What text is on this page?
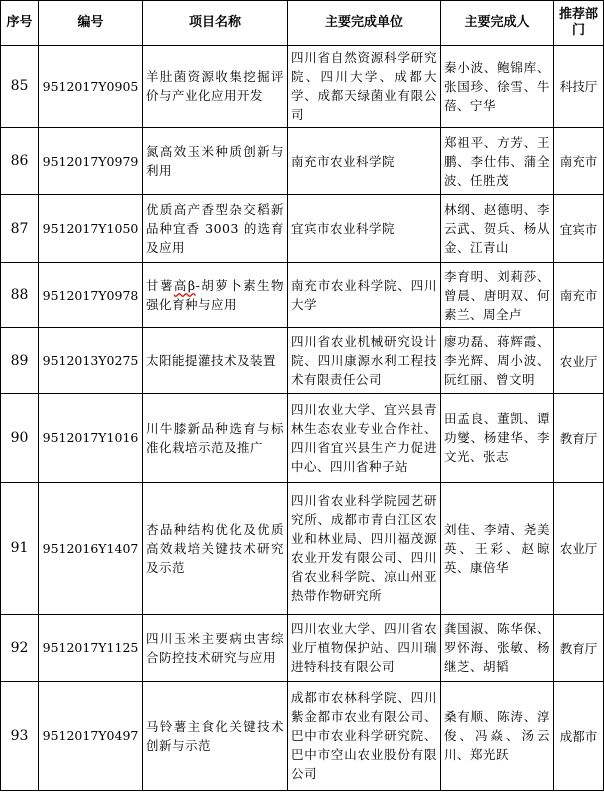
序号	编号	项目名称	主要完成单位	主要完成人	推荐部门
85	9512017Y0905	羊肚菌资源收集挖掘评价与产业化应用开发	四川省自然资源科学研究院、四川大学、成都大学、成都天绿菌业有限公司	秦小波、鲍锦库、张国珍、徐雪、牛蓓、宁华	科技厅
86	9512017Y0979	氮高效玉米种质创新与利用	南充市农业科学院	郑祖平、方芳、王鹏、李仕伟、蒲全波、任胜茂	南充市
87	9512017Y1050	优质高产香型杂交稻新品种宜香 3003 的选育及应用	宜宾市农业科学院	林纲、赵德明、李云武、贺兵、杨从金、江青山	宜宾市
88	9512017Y0978	甘薯高β-胡萝卜素生物强化育种与应用	南充市农业科学院、四川大学	李育明、刘莉莎、曾晨、唐明双、何素兰、周全卢	南充市
89	9512013Y0275	太阳能提灌技术及装置	四川省农业机械研究设计院、四川康源水利工程技术有限责任公司	廖功磊、蒋辉霞、李光辉、周小波、阮红丽、曾文明	农业厅
90	9512017Y1016	川牛膝新品种选育与标准化栽培示范及推广	四川农业大学、宜兴县青林生态农业专业合作社、四川省宜兴县生产力促进中心、四川省种子站	田孟良、董凯、谭功燮、杨建华、李文光、张志	教育厅
91	9512016Y1407	杏品种结构优化及优质高效栽培关键技术研究及示范	四川省农业科学院园艺研究所、成都市青白江区农业和林业局、四川福茂源农业开发有限公司、四川省农业科学院、凉山州亚热带作物研究所	刘佳、李靖、尧美英、王彩、赵晾英、康倍华	农业厅
92	9512017Y1125	四川玉米主要病虫害综合防控技术研究与应用	四川农业大学、四川省农业厅植物保护站、四川瑞进特科技有限公司	龚国淑、陈华保、罗怀海、张敏、杨继芝、胡韬	教育厅
93	9512017Y0497	马铃薯主食化关键技术创新与示范	成都市农林科学院、四川紫金都市农业有限公司、巴中市农业科学研究院、巴中市空山农业股份有限公司	桑有顺、陈涛、淳俊、冯焱、汤云川、郑光跃	成都市
